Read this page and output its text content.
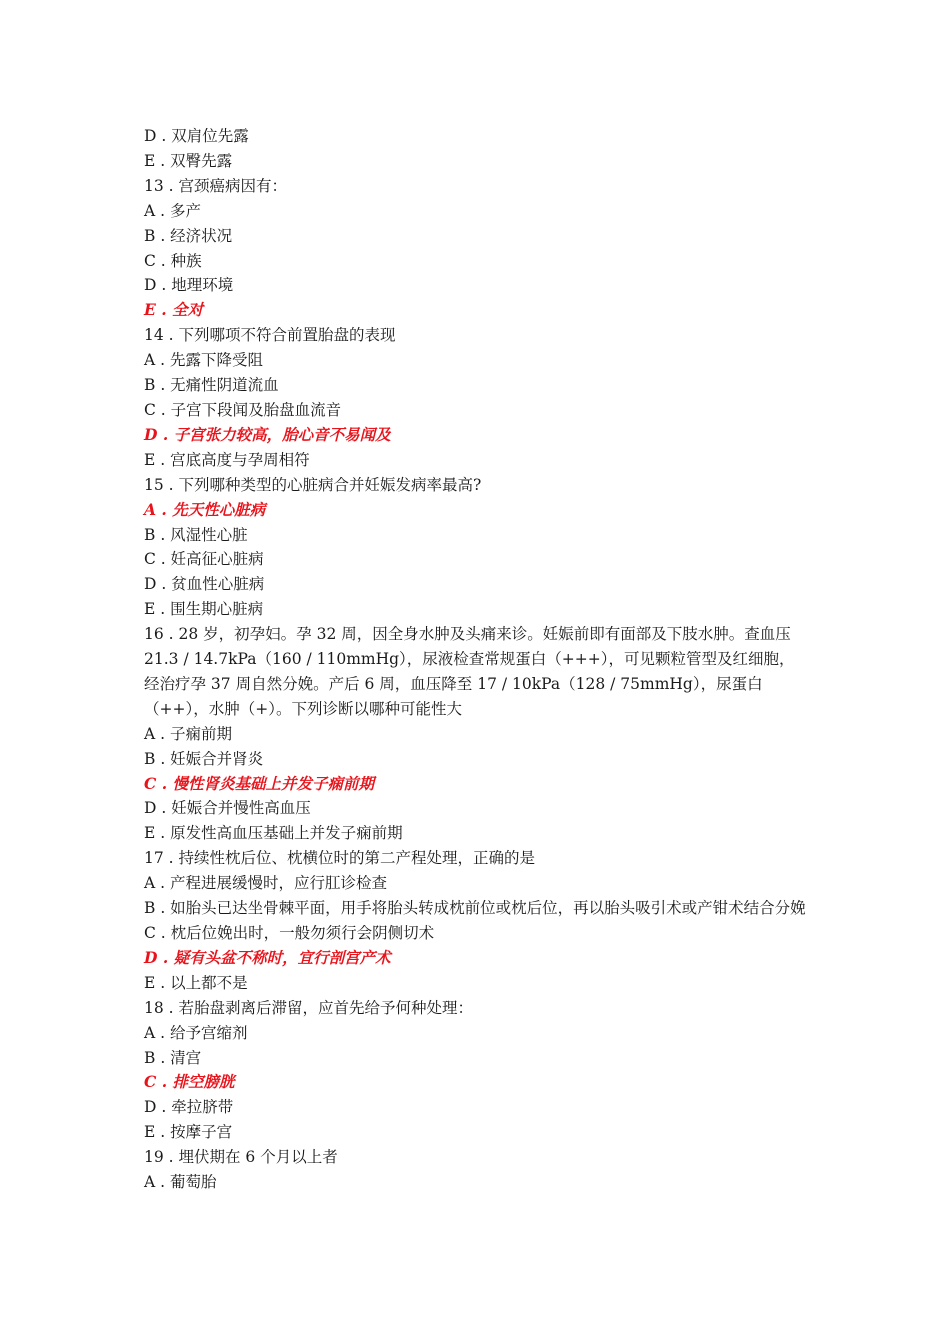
D . 双肩位先露
E . 双臀先露
13 . 宫颈癌病因有：
A . 多产
B . 经济状况
C . 种族
D . 地理环境
E . 全对
14 . 下列哪项不符合前置胎盘的表现
A . 先露下降受阻
B . 无痛性阴道流血
C . 子宫下段闻及胎盘血流音
D . 子宫张力较高，胎心音不易闻及
E . 宫底高度与孕周相符
15 . 下列哪种类型的心脏病合并妊娠发病率最高?
A . 先天性心脏病
B . 风湿性心脏
C . 妊高征心脏病
D . 贫血性心脏病
E . 围生期心脏病
16 . 28 岁，初孕妇。孕 32 周，因全身水肿及头痛来诊。妊娠前即有面部及下肢水肿。查血压 21.3 / 14.7kPa（160 / 110mmHg），尿液检查常规蛋白（+++），可见颗粒管型及红细胞，经治疗孕 37 周自然分娩。产后 6 周，血压降至 17 / 10kPa（128 / 75mmHg），尿蛋白（++），水肿（+）。下列诊断以哪种可能性大
A . 子痫前期
B . 妊娠合并肾炎
C . 慢性肾炎基础上并发子痫前期
D . 妊娠合并慢性高血压
E . 原发性高血压基础上并发子痫前期
17 . 持续性枕后位、枕横位时的第二产程处理，正确的是
A . 产程进展缓慢时，应行肛诊检查
B . 如胎头已达坐骨棘平面，用手将胎头转成枕前位或枕后位，再以胎头吸引术或产钳术结合分娩
C . 枕后位娩出时，一般勿须行会阴侧切术
D . 疑有头盆不称时，宜行剖宫产术
E . 以上都不是
18 . 若胎盘剥离后滞留，应首先给予何种处理：
A . 给予宫缩剂
B . 清宫
C . 排空膀胱
D . 牵拉脐带
E . 按摩子宫
19 . 埋伏期在 6 个月以上者
A . 葡萄胎
